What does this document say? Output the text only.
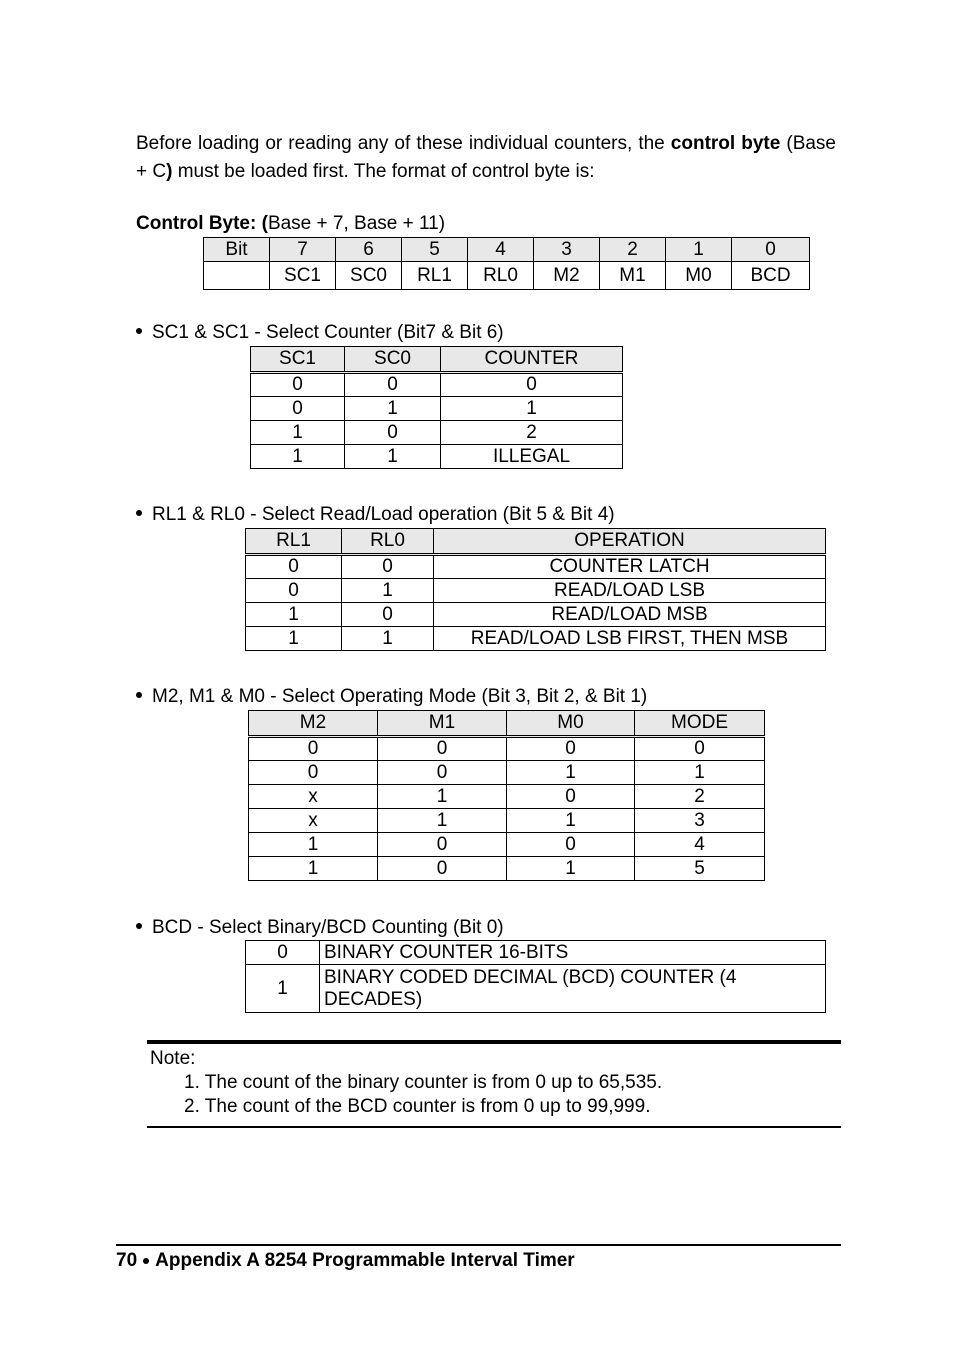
Before loading or reading any of these individual counters, the control byte (Base + C) must be loaded first. The format of control byte is:
Control Byte: (Base + 7, Base + 11)
Bit	7	6	5	4	3	2	1	0
	SC1	SC0	RL1	RL0	M2	M1	M0	BCD
SC1 & SC1 - Select Counter (Bit7 & Bit 6)
SC1	SC0	COUNTER
0	0	0
0	1	1
1	0	2
1	1	ILLEGAL
RL1 & RL0 - Select Read/Load operation (Bit 5 & Bit 4)
RL1	RL0	OPERATION
0	0	COUNTER LATCH
0	1	READ/LOAD LSB
1	0	READ/LOAD MSB
1	1	READ/LOAD LSB FIRST, THEN MSB
M2, M1 & M0 - Select Operating Mode (Bit 3, Bit 2, & Bit 1)
M2	M1	M0	MODE
0	0	0	0
0	0	1	1
x	1	0	2
x	1	1	3
1	0	0	4
1	0	1	5
BCD - Select Binary/BCD Counting (Bit 0)
0	BINARY COUNTER 16-BITS
1	BINARY CODED DECIMAL (BCD) COUNTER (4 DECADES)
Note:
1. The count of the binary counter is from 0 up to 65,535.
2. The count of the BCD counter is from 0 up to 99,999.
70 Appendix A 8254 Programmable Interval Timer
